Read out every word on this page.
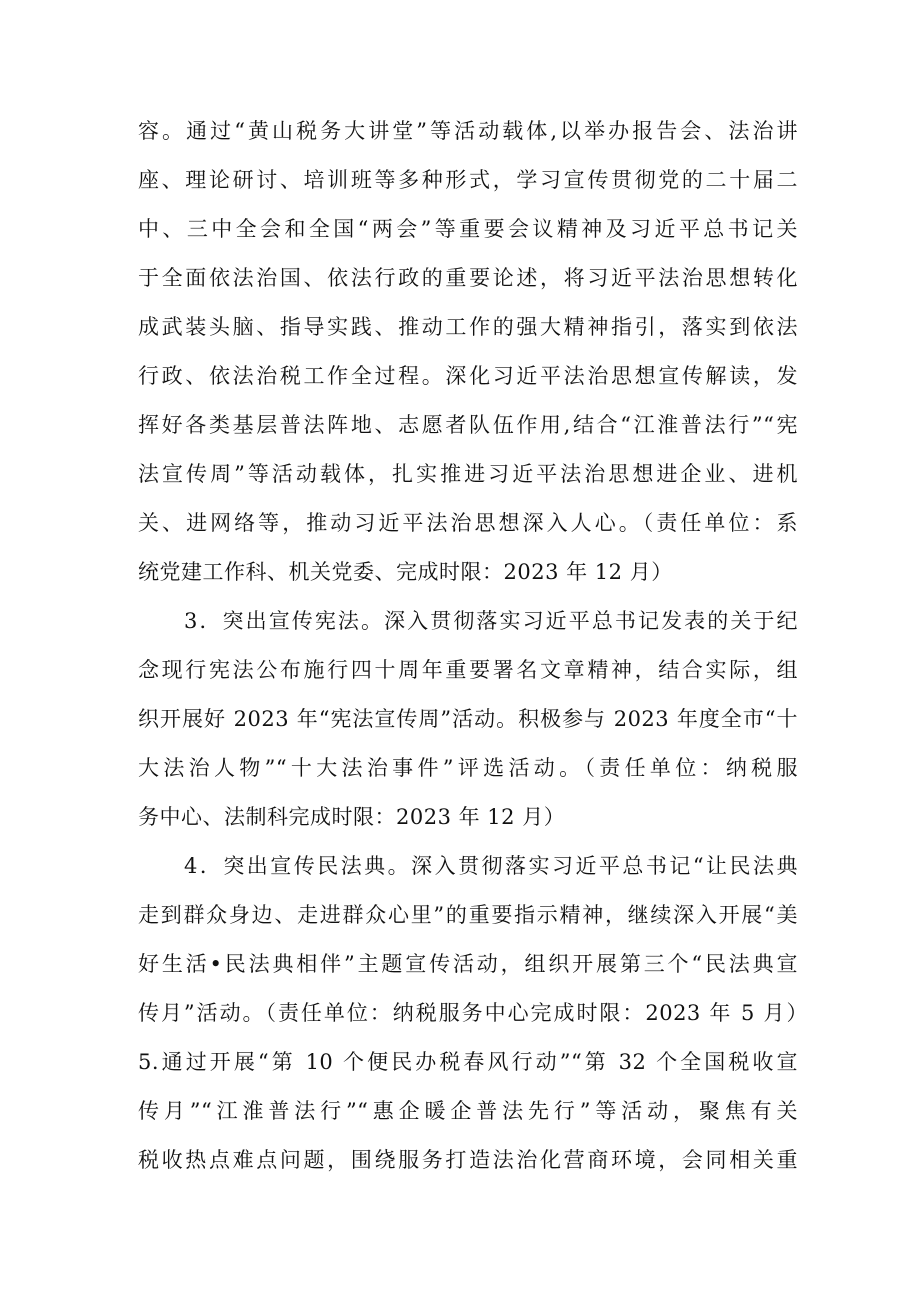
容。通过“黄山税务大讲堂”等活动载体,以举办报告会、法治讲
座、理论研讨、培训班等多种形式，学习宣传贯彻党的二十届二
中、三中全会和全国“两会”等重要会议精神及习近平总书记关
于全面依法治国、依法行政的重要论述，将习近平法治思想转化
成武装头脑、指导实践、推动工作的强大精神指引，落实到依法
行政、依法治税工作全过程。深化习近平法治思想宣传解读，发
挥好各类基层普法阵地、志愿者队伍作用,结合“江淮普法行”“宪
法宣传周”等活动载体，扎实推进习近平法治思想进企业、进机
关、进网络等，推动习近平法治思想深入人心。（责任单位：系
统党建工作科、机关党委、完成时限：2023 年 12 月）
3．突出宣传宪法。深入贯彻落实习近平总书记发表的关于纪
念现行宪法公布施行四十周年重要署名文章精神，结合实际，组
织开展好 2023 年“宪法宣传周”活动。积极参与 2023 年度全市“十
大法治人物”“十大法治事件”评选活动。（责任单位：纳税服
务中心、法制科完成时限：2023 年 12 月）
4．突出宣传民法典。深入贯彻落实习近平总书记“让民法典
走到群众身边、走进群众心里”的重要指示精神，继续深入开展“美
好生活•民法典相伴”主题宣传活动，组织开展第三个“民法典宣
传月”活动。（责任单位：纳税服务中心完成时限：2023 年 5 月）
5.通过开展“第 10 个便民办税春风行动”“第 32 个全国税收宣
传月”“江淮普法行”“惠企暖企普法先行”等活动，聚焦有关
税收热点难点问题，围绕服务打造法治化营商环境，会同相关重
